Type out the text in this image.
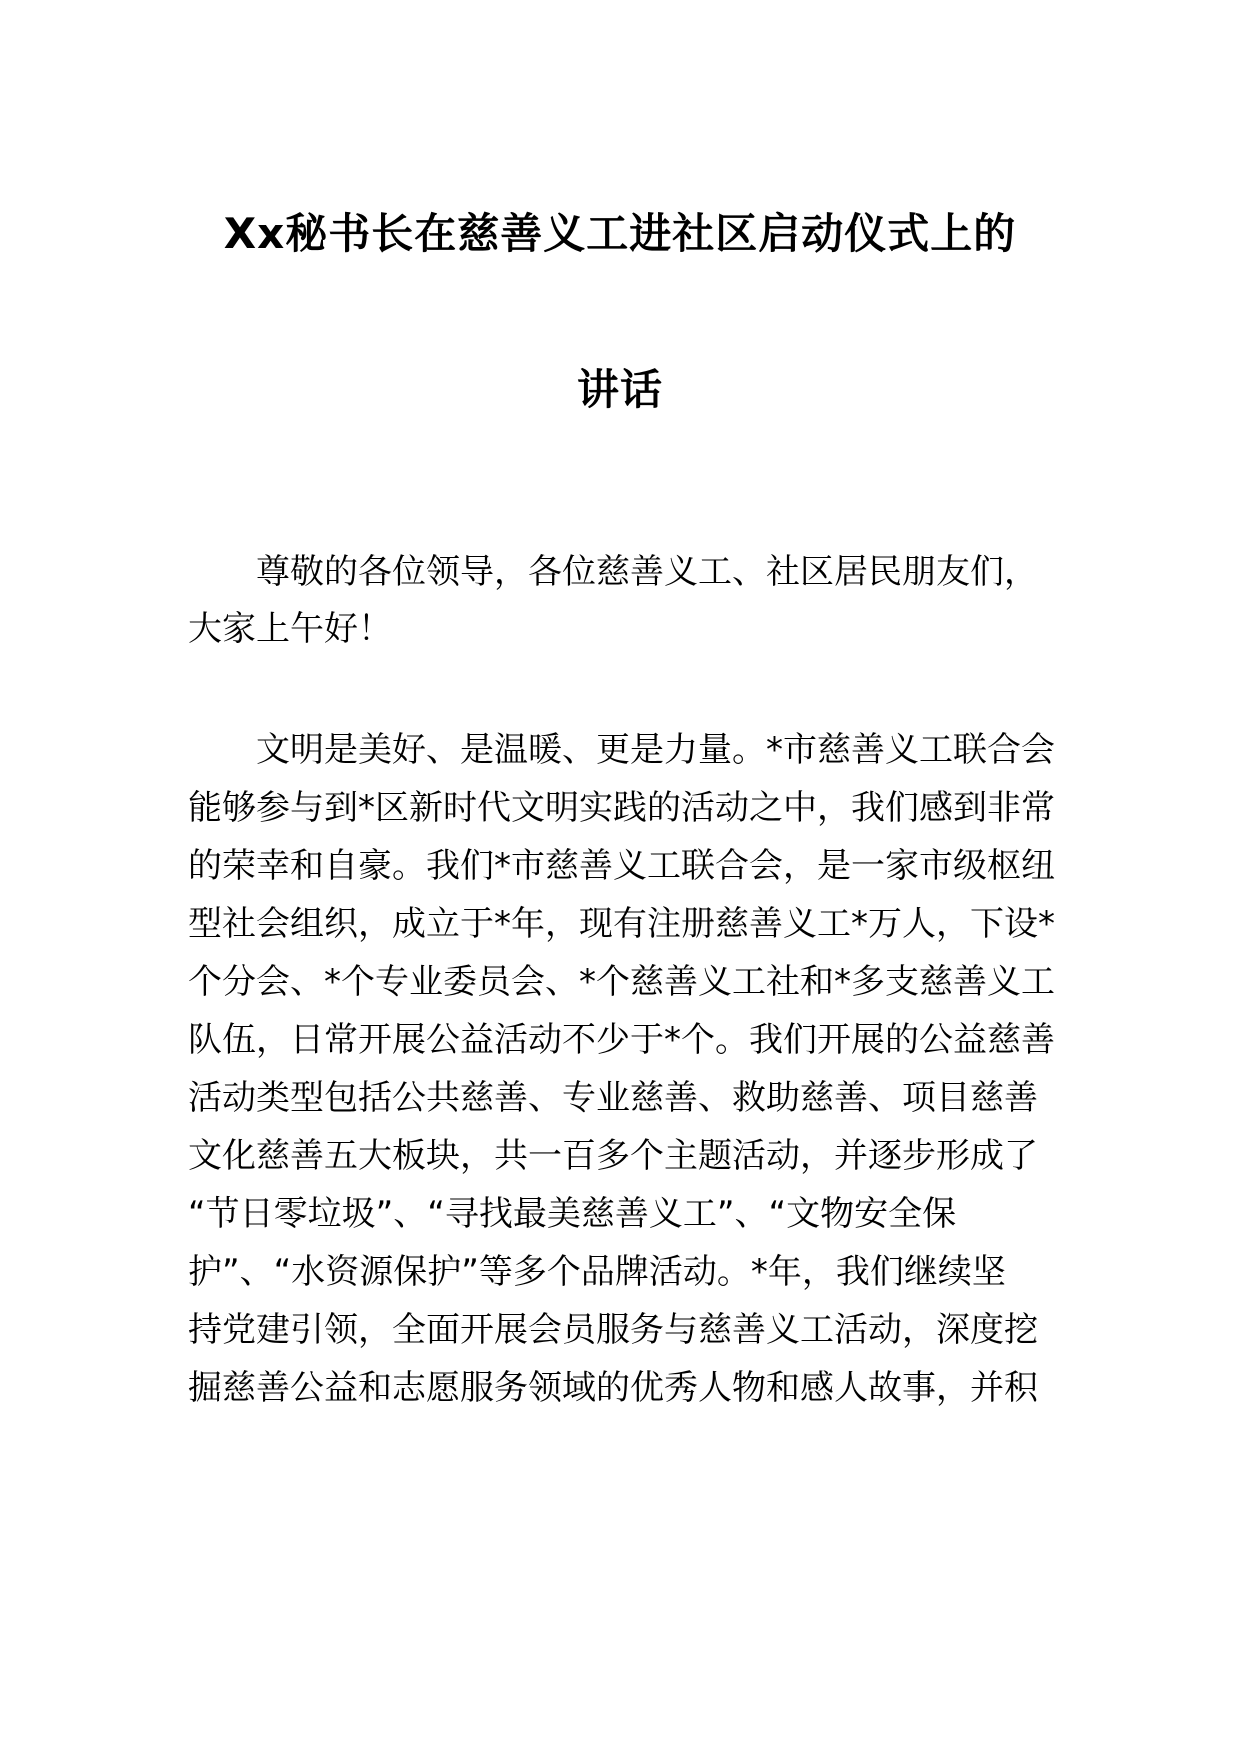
Xx秘书长在慈善义工进社区启动仪式上的
讲话
尊敬的各位领导，各位慈善义工、社区居民朋友们，
大家上午好！
文明是美好、是温暖、更是力量。*市慈善义工联合会
能够参与到*区新时代文明实践的活动之中，我们感到非常
的荣幸和自豪。我们*市慈善义工联合会，是一家市级枢纽
型社会组织，成立于*年，现有注册慈善义工*万人，下设*
个分会、*个专业委员会、*个慈善义工社和*多支慈善义工
队伍，日常开展公益活动不少于*个。我们开展的公益慈善
活动类型包括公共慈善、专业慈善、救助慈善、项目慈善
文化慈善五大板块，共一百多个主题活动，并逐步形成了
“节日零垃圾”、“寻找最美慈善义工”、“文物安全保
护”、“水资源保护”等多个品牌活动。*年，我们继续坚
持党建引领，全面开展会员服务与慈善义工活动，深度挖
掘慈善公益和志愿服务领域的优秀人物和感人故事，并积
